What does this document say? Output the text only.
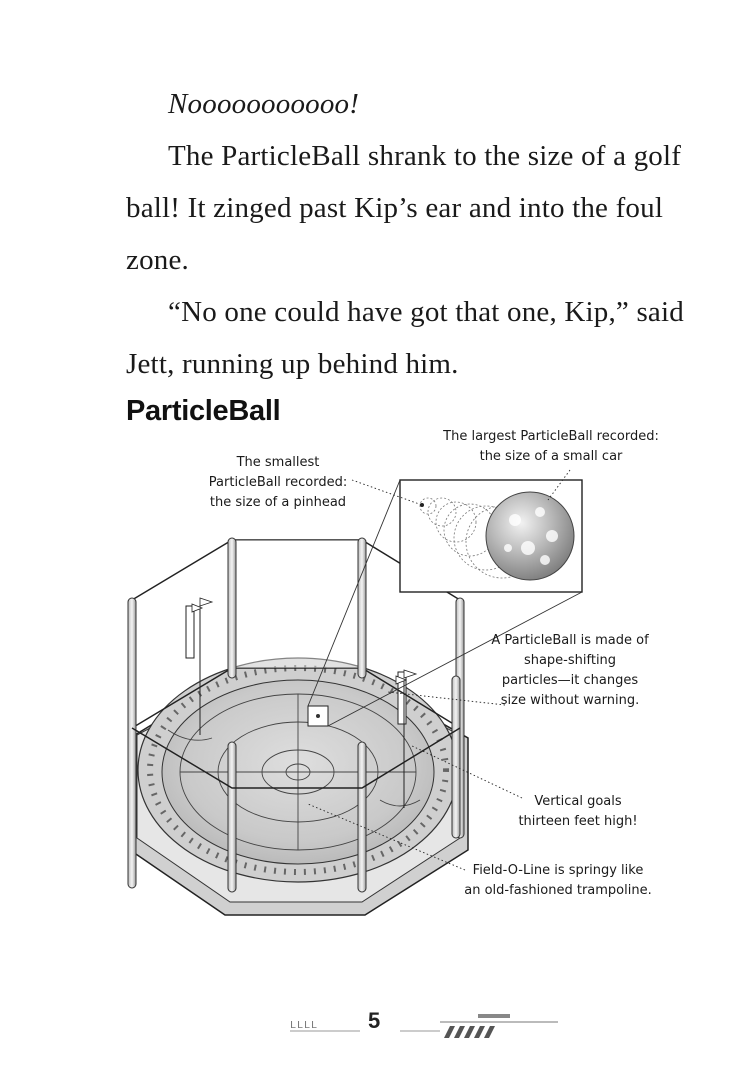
Nooooooooooo!

The ParticleBall shrank to the size of a golf ball! It zinged past Kip’s ear and into the foul zone.

“No one could have got that one, Kip,” said Jett, running up behind him.

ParticleBall
The largest ParticleBall recorded:
the size of a small car
The smallest
ParticleBall recorded:
the size of a pinhead
A ParticleBall is made of
shape-shifting
particles—it changes
size without warning.
Vertical goals
thirteen feet high!
Field-O-Line is springy like
an old-fashioned trampoline.
LLLL 5
